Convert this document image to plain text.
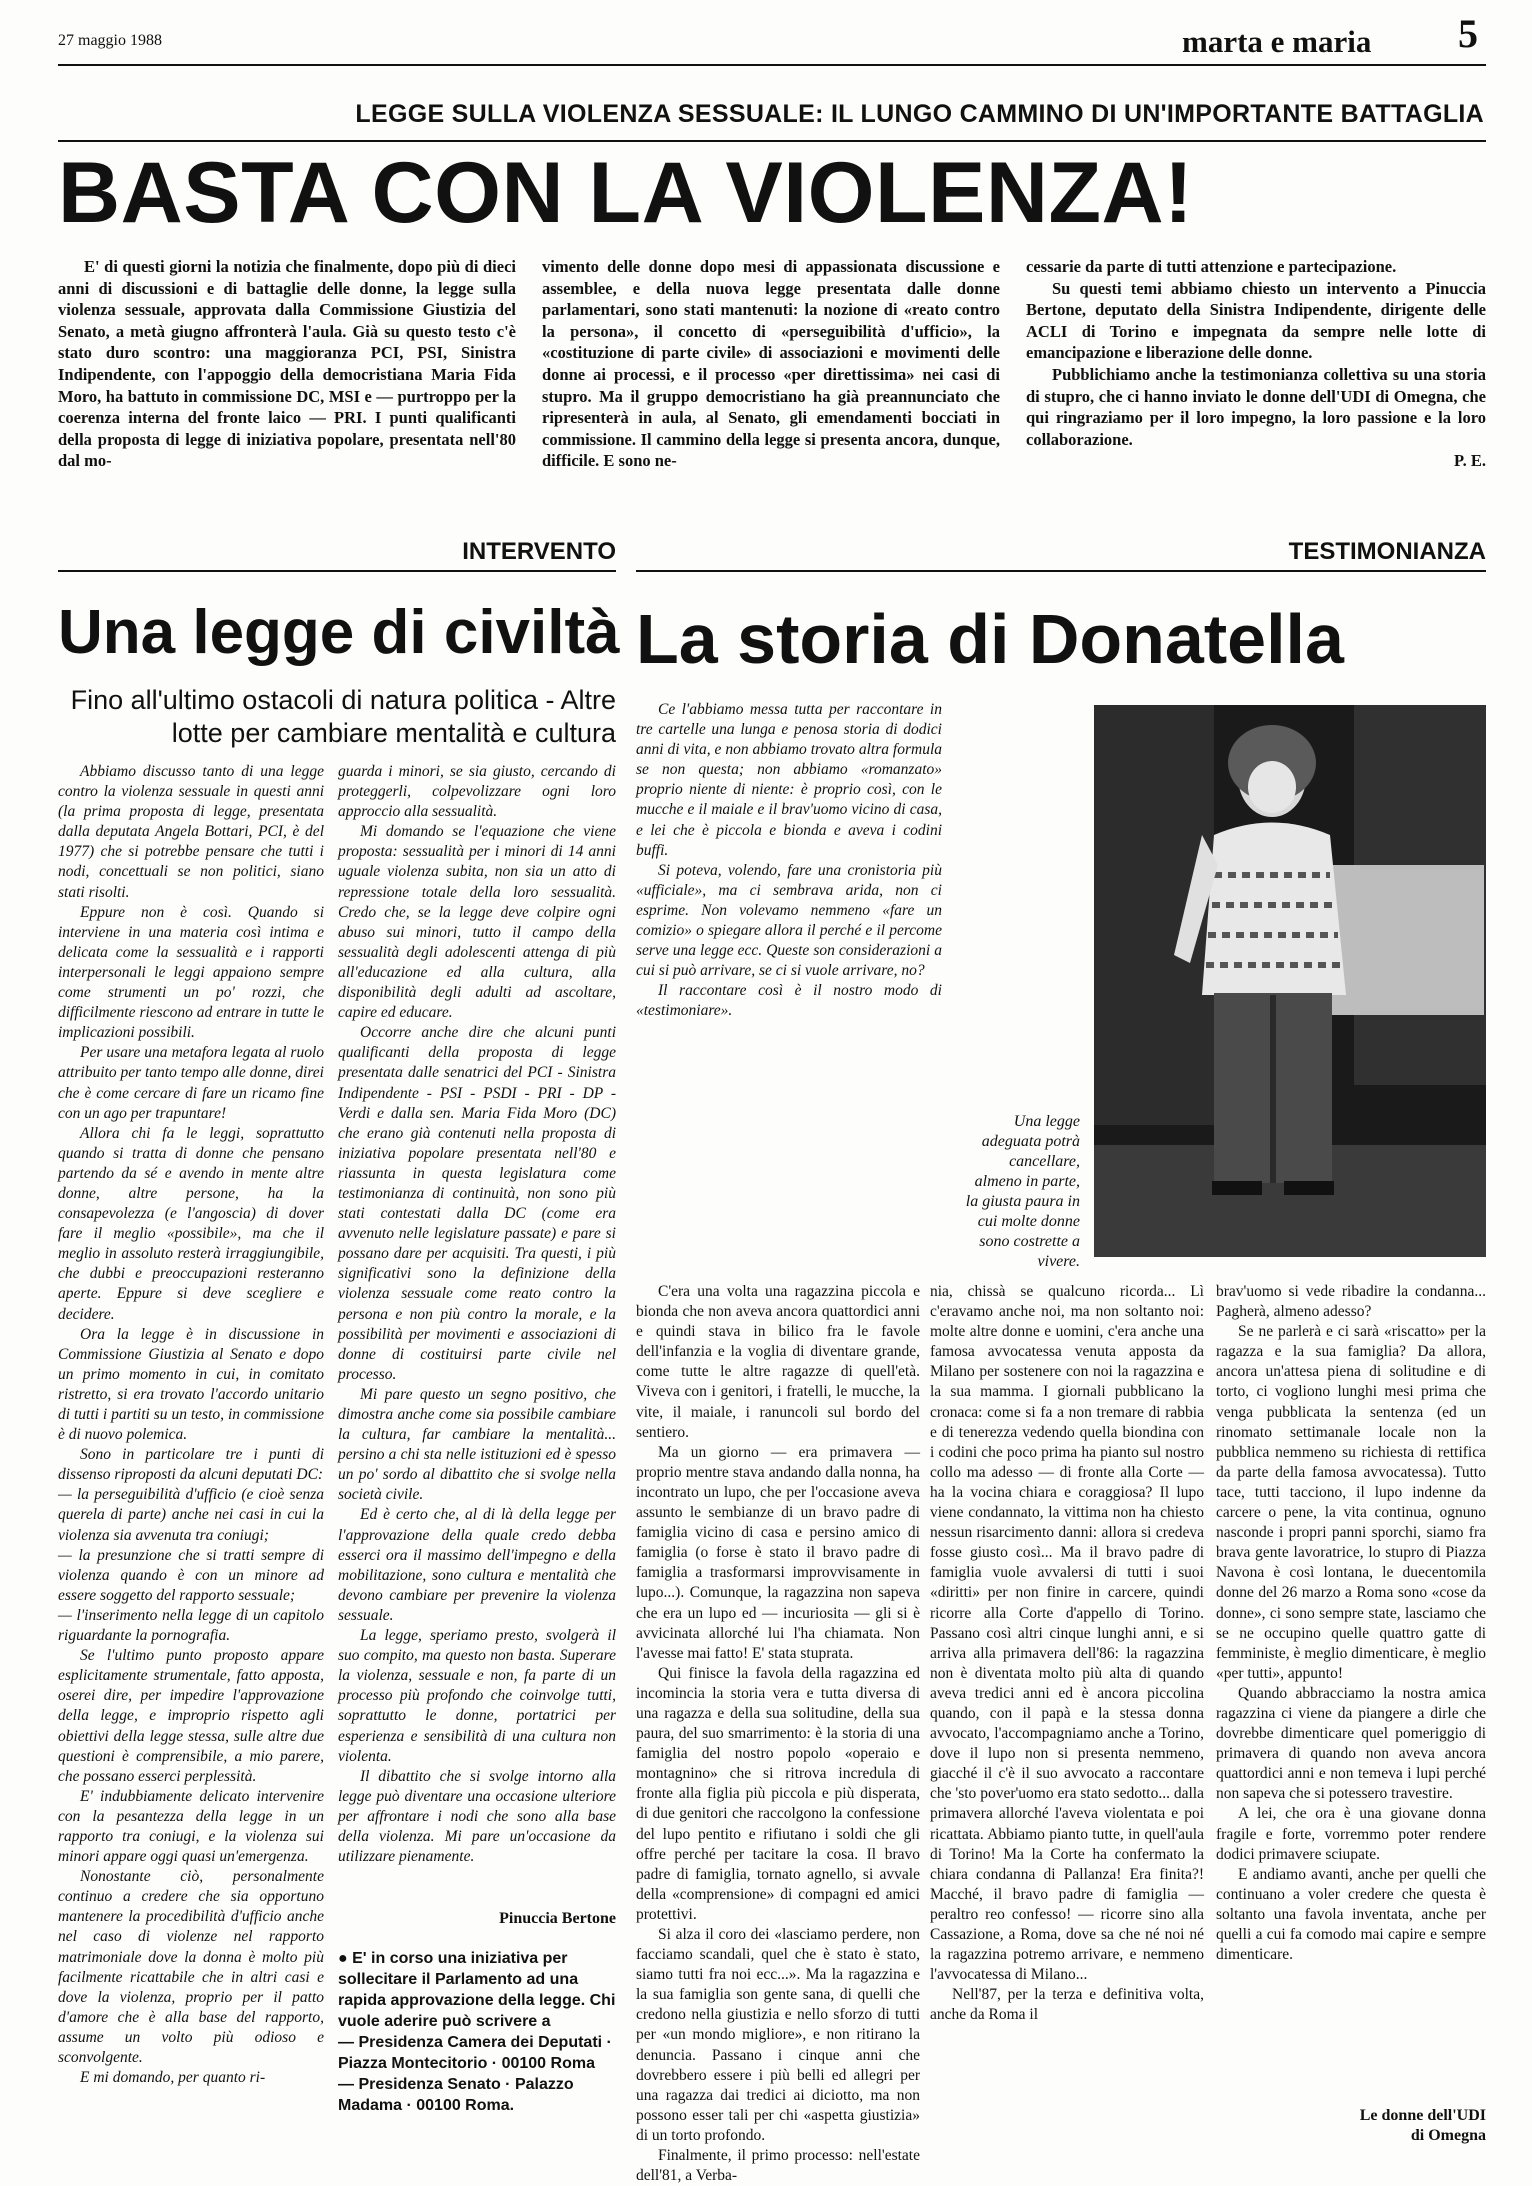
27 maggio 1988	marta e maria 5
LEGGE SULLA VIOLENZA SESSUALE: IL LUNGO CAMMINO DI UN'IMPORTANTE BATTAGLIA
BASTA CON LA VIOLENZA!

E' di questi giorni la notizia che finalmente, dopo più di dieci anni di discussioni e di battaglie delle donne, la legge sulla violenza sessuale, approvata dalla Commissione Giustizia del Senato, a metà giugno affronterà l'aula. Già su questo testo c'è stato duro scontro: una maggioranza PCI, PSI, Sinistra Indipendente, con l'appoggio della democristiana Maria Fida Moro, ha battuto in commissione DC, MSI e — purtroppo per la coerenza interna del fronte laico — PRI. I punti qualificanti della proposta di legge di iniziativa popolare, presentata nell'80 dal mo-

vimento delle donne dopo mesi di appassionata discussione e assemblee, e della nuova legge presentata dalle donne parlamentari, sono stati mantenuti: la nozione di «reato contro la persona», il concetto di «perseguibilità d'ufficio», la «costituzione di parte civile» di associazioni e movimenti delle donne ai processi, e il processo «per direttissima» nei casi di stupro. Ma il gruppo democristiano ha già preannunciato che ripresenterà in aula, al Senato, gli emendamenti bocciati in commissione. Il cammino della legge si presenta ancora, dunque, difficile. E sono ne-

cessarie da parte di tutti attenzione e partecipazione.

Su questi temi abbiamo chiesto un intervento a Pinuccia Bertone, deputato della Sinistra Indipendente, dirigente delle ACLI di Torino e impegnata da sempre nelle lotte di emancipazione e liberazione delle donne.

Pubblichiamo anche la testimonianza collettiva su una storia di stupro, che ci hanno inviato le donne dell'UDI di Omegna, che qui ringraziamo per il loro impegno, la loro passione e la loro collaborazione.

P. E.

INTERVENTO	TESTIMONIANZA
Una legge di civiltà
Fino all'ultimo ostacoli di natura politica - Altre lotte per cambiare mentalità e cultura

Abbiamo discusso tanto di una legge contro la violenza sessuale in questi anni (la prima proposta di legge, presentata dalla deputata Angela Bottari, PCI, è del 1977) che si potrebbe pensare che tutti i nodi, concettuali se non politici, siano stati risolti.

Eppure non è così. Quando si interviene in una materia così intima e delicata come la sessualità e i rapporti interpersonali le leggi appaiono sempre come strumenti un po' rozzi, che difficilmente riescono ad entrare in tutte le implicazioni possibili.

Per usare una metafora legata al ruolo attribuito per tanto tempo alle donne, direi che è come cercare di fare un ricamo fine con un ago per trapuntare!

Allora chi fa le leggi, soprattutto quando si tratta di donne che pensano partendo da sé e avendo in mente altre donne, altre persone, ha la consapevolezza (e l'angoscia) di dover fare il meglio «possibile», ma che il meglio in assoluto resterà irraggiungibile, che dubbi e preoccupazioni resteranno aperte. Eppure si deve scegliere e decidere.

Ora la legge è in discussione in Commissione Giustizia al Senato e dopo un primo momento in cui, in comitato ristretto, si era trovato l'accordo unitario di tutti i partiti su un testo, in commissione è di nuovo polemica.

Sono in particolare tre i punti di dissenso riproposti da alcuni deputati DC:

— la perseguibilità d'ufficio (e cioè senza querela di parte) anche nei casi in cui la violenza sia avvenuta tra coniugi;

— la presunzione che si tratti sempre di violenza quando è con un minore ad essere soggetto del rapporto sessuale;

— l'inserimento nella legge di un capitolo riguardante la pornografia.

Se l'ultimo punto proposto appare esplicitamente strumentale, fatto apposta, oserei dire, per impedire l'approvazione della legge, e improprio rispetto agli obiettivi della legge stessa, sulle altre due questioni è comprensibile, a mio parere, che possano esserci perplessità.

E' indubbiamente delicato intervenire con la pesantezza della legge in un rapporto tra coniugi, e la violenza sui minori appare oggi quasi un'emergenza.

Nonostante ciò, personalmente continuo a credere che sia opportuno mantenere la procedibilità d'ufficio anche nel caso di violenze nel rapporto matrimoniale dove la donna è molto più facilmente ricattabile che in altri casi e dove la violenza, proprio per il patto d'amore che è alla base del rapporto, assume un volto più odioso e sconvolgente.

E mi domando, per quanto ri-

guarda i minori, se sia giusto, cercando di proteggerli, colpevolizzare ogni loro approccio alla sessualità.

Mi domando se l'equazione che viene proposta: sessualità per i minori di 14 anni uguale violenza subita, non sia un atto di repressione totale della loro sessualità. Credo che, se la legge deve colpire ogni abuso sui minori, tutto il campo della sessualità degli adolescenti attenga di più all'educazione ed alla cultura, alla disponibilità degli adulti ad ascoltare, capire ed educare.

Occorre anche dire che alcuni punti qualificanti della proposta di legge presentata dalle senatrici del PCI - Sinistra Indipendente - PSI - PSDI - PRI - DP - Verdi e dalla sen. Maria Fida Moro (DC) che erano già contenuti nella proposta di iniziativa popolare presentata nell'80 e riassunta in questa legislatura come testimonianza di continuità, non sono più stati contestati dalla DC (come era avvenuto nelle legislature passate) e pare si possano dare per acquisiti. Tra questi, i più significativi sono la definizione della violenza sessuale come reato contro la persona e non più contro la morale, e la possibilità per movimenti e associazioni di donne di costituirsi parte civile nel processo.

Mi pare questo un segno positivo, che dimostra anche come sia possibile cambiare la cultura, far cambiare la mentalità... persino a chi sta nelle istituzioni ed è spesso un po' sordo al dibattito che si svolge nella società civile.

Ed è certo che, al di là della legge per l'approvazione della quale credo debba esserci ora il massimo dell'impegno e della mobilitazione, sono cultura e mentalità che devono cambiare per prevenire la violenza sessuale.

La legge, speriamo presto, svolgerà il suo compito, ma questo non basta. Superare la violenza, sessuale e non, fa parte di un processo più profondo che coinvolge tutti, soprattutto le donne, portatrici per esperienza e sensibilità di una cultura non violenta.

Il dibattito che si svolge intorno alla legge può diventare una occasione ulteriore per affrontare i nodi che sono alla base della violenza. Mi pare un'occasione da utilizzare pienamente.

Pinuccia Bertone
● E' in corso una iniziativa per sollecitare il Parlamento ad una rapida approvazione della legge. Chi vuole aderire può scrivere a
— Presidenza Camera dei Deputati · Piazza Montecitorio · 00100 Roma
— Presidenza Senato · Palazzo Madama · 00100 Roma.
La storia di Donatella

Ce l'abbiamo messa tutta per raccontare in tre cartelle una lunga e penosa storia di dodici anni di vita, e non abbiamo trovato altra formula se non questa; non abbiamo «romanzato» proprio niente di niente: è proprio così, con le mucche e il maiale e il brav'uomo vicino di casa, e lei che è piccola e bionda e aveva i codini buffi.

Si poteva, volendo, fare una cronistoria più «ufficiale», ma ci sembrava arida, non ci esprime. Non volevamo nemmeno «fare un comizio» o spiegare allora il perché e il percome serve una legge ecc. Queste son considerazioni a cui si può arrivare, se ci si vuole arrivare, no?

Il raccontare così è il nostro modo di «testimoniare».

Una legge adeguata potrà cancellare, almeno in parte, la giusta paura in cui molte donne sono costrette a vivere.

C'era una volta una ragazzina piccola e bionda che non aveva ancora quattordici anni e quindi stava in bilico fra le favole dell'infanzia e la voglia di diventare grande, come tutte le altre ragazze di quell'età. Viveva con i genitori, i fratelli, le mucche, la vite, il maiale, i ranuncoli sul bordo del sentiero.

Ma un giorno — era primavera — proprio mentre stava andando dalla nonna, ha incontrato un lupo, che per l'occasione aveva assunto le sembianze di un bravo padre di famiglia vicino di casa e persino amico di famiglia (o forse è stato il bravo padre di famiglia a trasformarsi improvvisamente in lupo...). Comunque, la ragazzina non sapeva che era un lupo ed — incuriosita — gli si è avvicinata allorché lui l'ha chiamata. Non l'avesse mai fatto! E' stata stuprata.

Qui finisce la favola della ragazzina ed incomincia la storia vera e tutta diversa di una ragazza e della sua solitudine, della sua paura, del suo smarrimento: è la storia di una famiglia del nostro popolo «operaio e montagnino» che si ritrova incredula di fronte alla figlia più piccola e più disperata, di due genitori che raccolgono la confessione del lupo pentito e rifiutano i soldi che gli offre perché per tacitare la cosa. Il bravo padre di famiglia, tornato agnello, si avvale della «comprensione» di compagni ed amici protettivi.

Si alza il coro dei «lasciamo perdere, non facciamo scandali, quel che è stato è stato, siamo tutti fra noi ecc...». Ma la ragazzina e la sua famiglia son gente sana, di quelli che credono nella giustizia e nello sforzo di tutti per «un mondo migliore», e non ritirano la denuncia. Passano i cinque anni che dovrebbero essere i più belli ed allegri per una ragazza dai tredici ai diciotto, ma non possono esser tali per chi «aspetta giustizia» di un torto profondo.

Finalmente, il primo processo: nell'estate dell'81, a Verba-

nia, chissà se qualcuno ricorda... Lì c'eravamo anche noi, ma non soltanto noi: molte altre donne e uomini, c'era anche una famosa avvocatessa venuta apposta da Milano per sostenere con noi la ragazzina e la sua mamma. I giornali pubblicano la cronaca: come si fa a non tremare di rabbia e di tenerezza vedendo quella biondina con i codini che poco prima ha pianto sul nostro collo ma adesso — di fronte alla Corte — ha la vocina chiara e coraggiosa? Il lupo viene condannato, la vittima non ha chiesto nessun risarcimento danni: allora si credeva fosse giusto così... Ma il bravo padre di famiglia vuole avvalersi di tutti i suoi «diritti» per non finire in carcere, quindi ricorre alla Corte d'appello di Torino. Passano così altri cinque lunghi anni, e si arriva alla primavera dell'86: la ragazzina non è diventata molto più alta di quando aveva tredici anni ed è ancora piccolina quando, con il papà e la stessa donna avvocato, l'accompagniamo anche a Torino, dove il lupo non si presenta nemmeno, giacché il c'è il suo avvocato a raccontare che 'sto pover'uomo era stato sedotto... dalla primavera allorché l'aveva violentata e poi ricattata. Abbiamo pianto tutte, in quell'aula di Torino! Ma la Corte ha confermato la chiara condanna di Pallanza! Era finita?! Macché, il bravo padre di famiglia — peraltro reo confesso! — ricorre sino alla Cassazione, a Roma, dove sa che né noi né la ragazzina potremo arrivare, e nemmeno l'avvocatessa di Milano...

Nell'87, per la terza e definitiva volta, anche da Roma il

brav'uomo si vede ribadire la condanna... Pagherà, almeno adesso?

Se ne parlerà e ci sarà «riscatto» per la ragazza e la sua famiglia? Da allora, ancora un'attesa piena di solitudine e di torto, ci vogliono lunghi mesi prima che venga pubblicata la sentenza (ed un rinomato settimanale locale non la pubblica nemmeno su richiesta di rettifica da parte della famosa avvocatessa). Tutto tace, tutti tacciono, il lupo indenne da carcere o pene, la vita continua, ognuno nasconde i propri panni sporchi, siamo fra brava gente lavoratrice, lo stupro di Piazza Navona è così lontana, le duecentomila donne del 26 marzo a Roma sono «cose da donne», ci sono sempre state, lasciamo che se ne occupino quelle quattro gatte di femministe, è meglio dimenticare, è meglio «per tutti», appunto!

Quando abbracciamo la nostra amica ragazzina ci viene da piangere a dirle che dovrebbe dimenticare quel pomeriggio di primavera di quando non aveva ancora quattordici anni e non temeva i lupi perché non sapeva che si potessero travestire.

A lei, che ora è una giovane donna fragile e forte, vorremmo poter rendere dodici primavere sciupate.

E andiamo avanti, anche per quelli che continuano a voler credere che questa è soltanto una favola inventata, anche per quelli a cui fa comodo mai capire e sempre dimenticare.

Le donne dell'UDI
di Omegna
